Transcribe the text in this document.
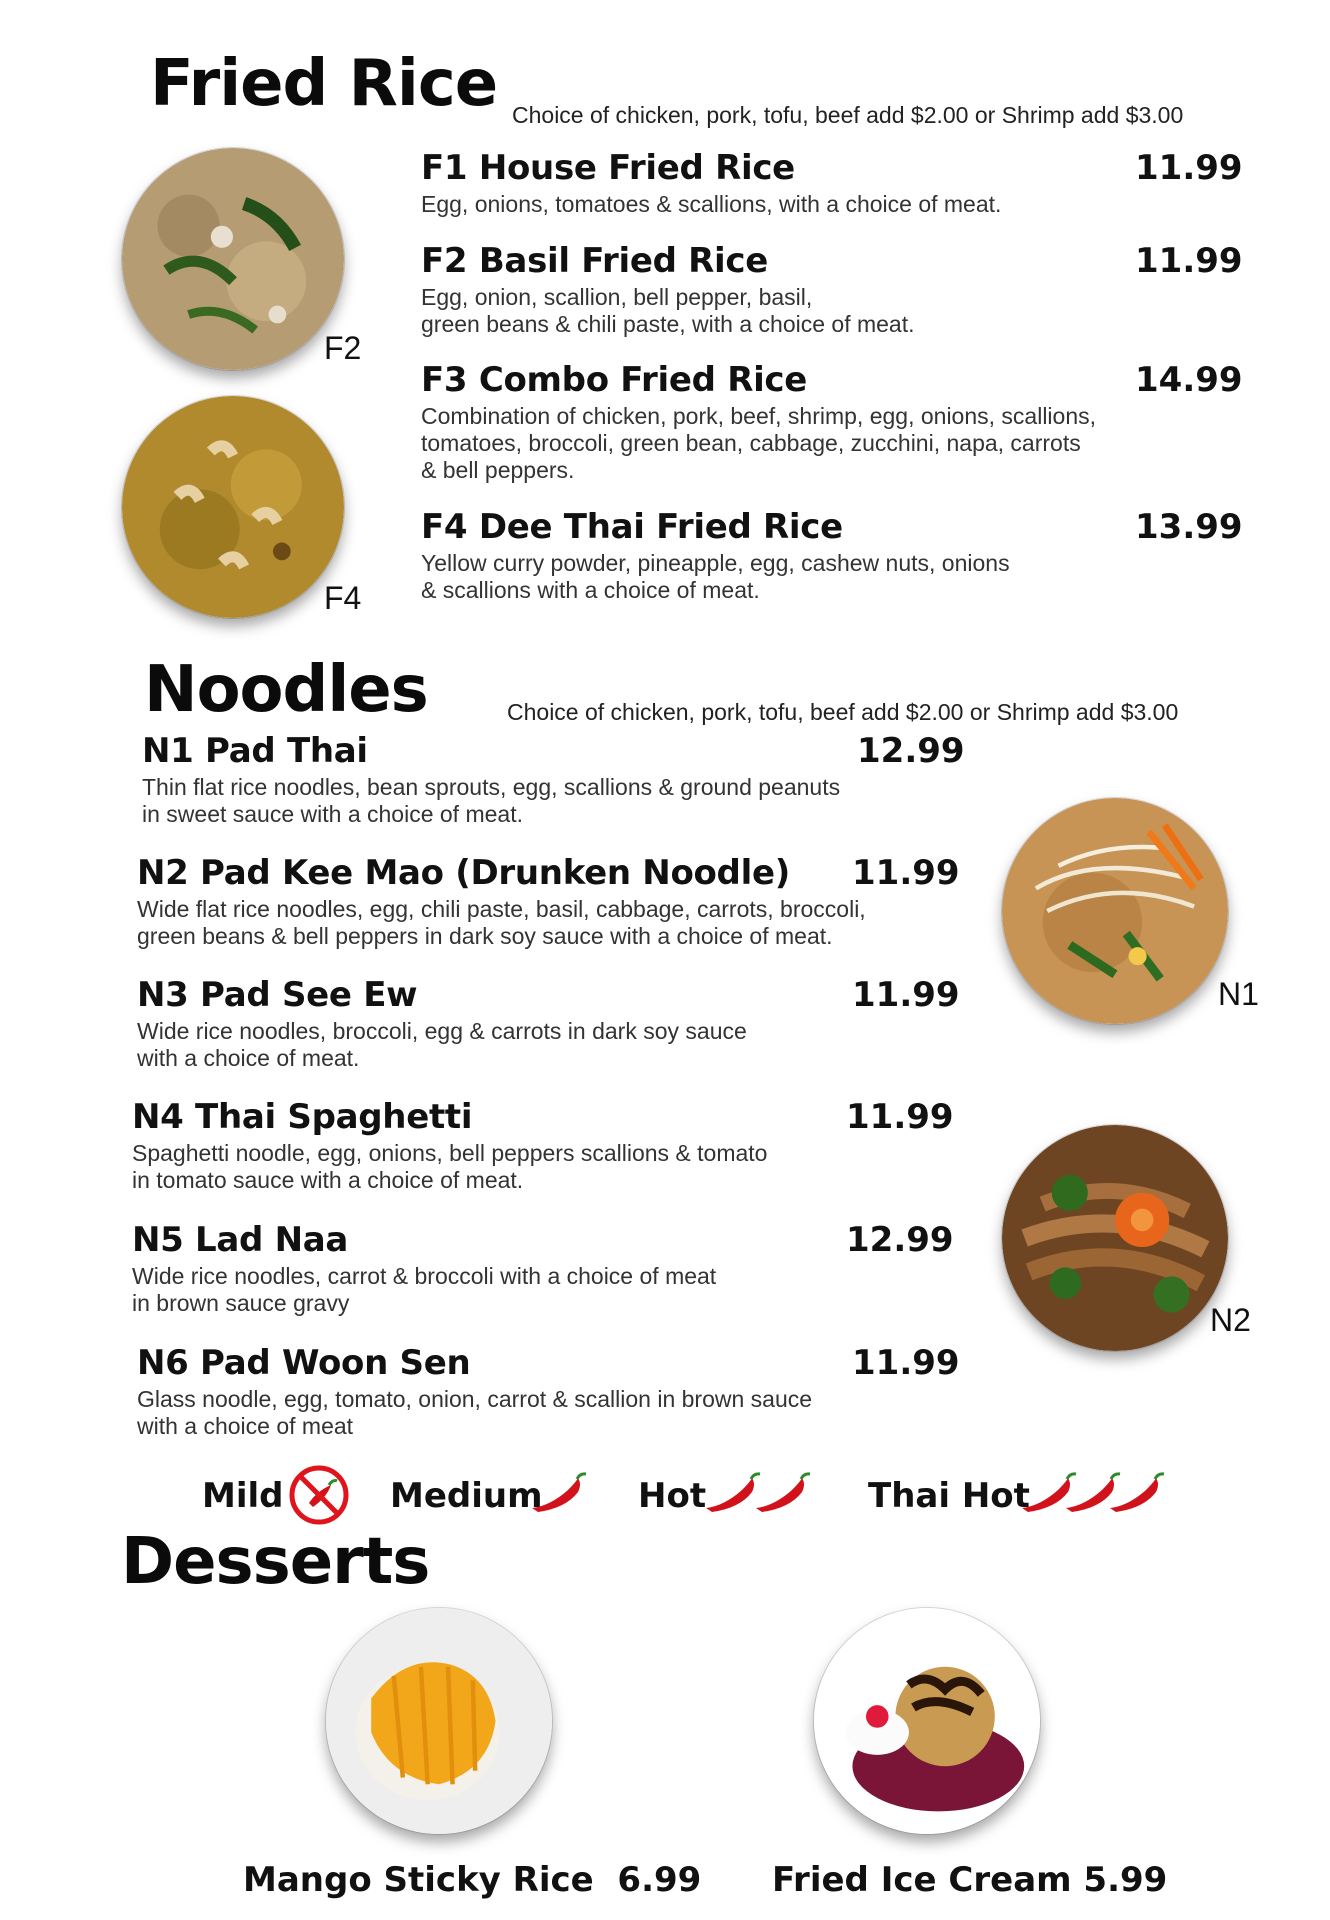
Fried Rice Choice of chicken, pork, tofu, beef add $2.00 or Shrimp add $3.00
F2
F4
F1 House Fried Rice	11.99
Egg, onions, tomatoes & scallions, with a choice of meat.
F2 Basil Fried Rice	11.99
Egg, onion, scallion, bell pepper, basil,
green beans & chili paste, with a choice of meat.
F3 Combo Fried Rice	14.99
Combination of chicken, pork, beef, shrimp, egg, onions, scallions,
tomatoes, broccoli, green bean, cabbage, zucchini, napa, carrots
& bell peppers.
F4 Dee Thai Fried Rice	13.99
Yellow curry powder, pineapple, egg, cashew nuts, onions
& scallions with a choice of meat.
Noodles	Choice of chicken, pork, tofu, beef add $2.00 or Shrimp add $3.00
N1 Pad Thai	12.99
Thin flat rice noodles, bean sprouts, egg, scallions & ground peanuts
in sweet sauce with a choice of meat.
N2 Pad Kee Mao (Drunken Noodle) 11.99
Wide flat rice noodles, egg, chili paste, basil, cabbage, carrots, broccoli,
green beans & bell peppers in dark soy sauce with a choice of meat.
N3 Pad See Ew	11.99
Wide rice noodles, broccoli, egg & carrots in dark soy sauce
with a choice of meat.
N4 Thai Spaghetti	11.99
Spaghetti noodle, egg, onions, bell peppers scallions & tomato
in tomato sauce with a choice of meat.
N5 Lad Naa	12.99
Wide rice noodles, carrot & broccoli with a choice of meat
in brown sauce gravy
N6 Pad Woon Sen	11.99
Glass noodle, egg, tomato, onion, carrot & scallion in brown sauce
with a choice of meat
N1
N2
Mild	Medium	Hot	Thai Hot
Desserts
Mango Sticky Rice 6.99 Fried Ice Cream 5.99
